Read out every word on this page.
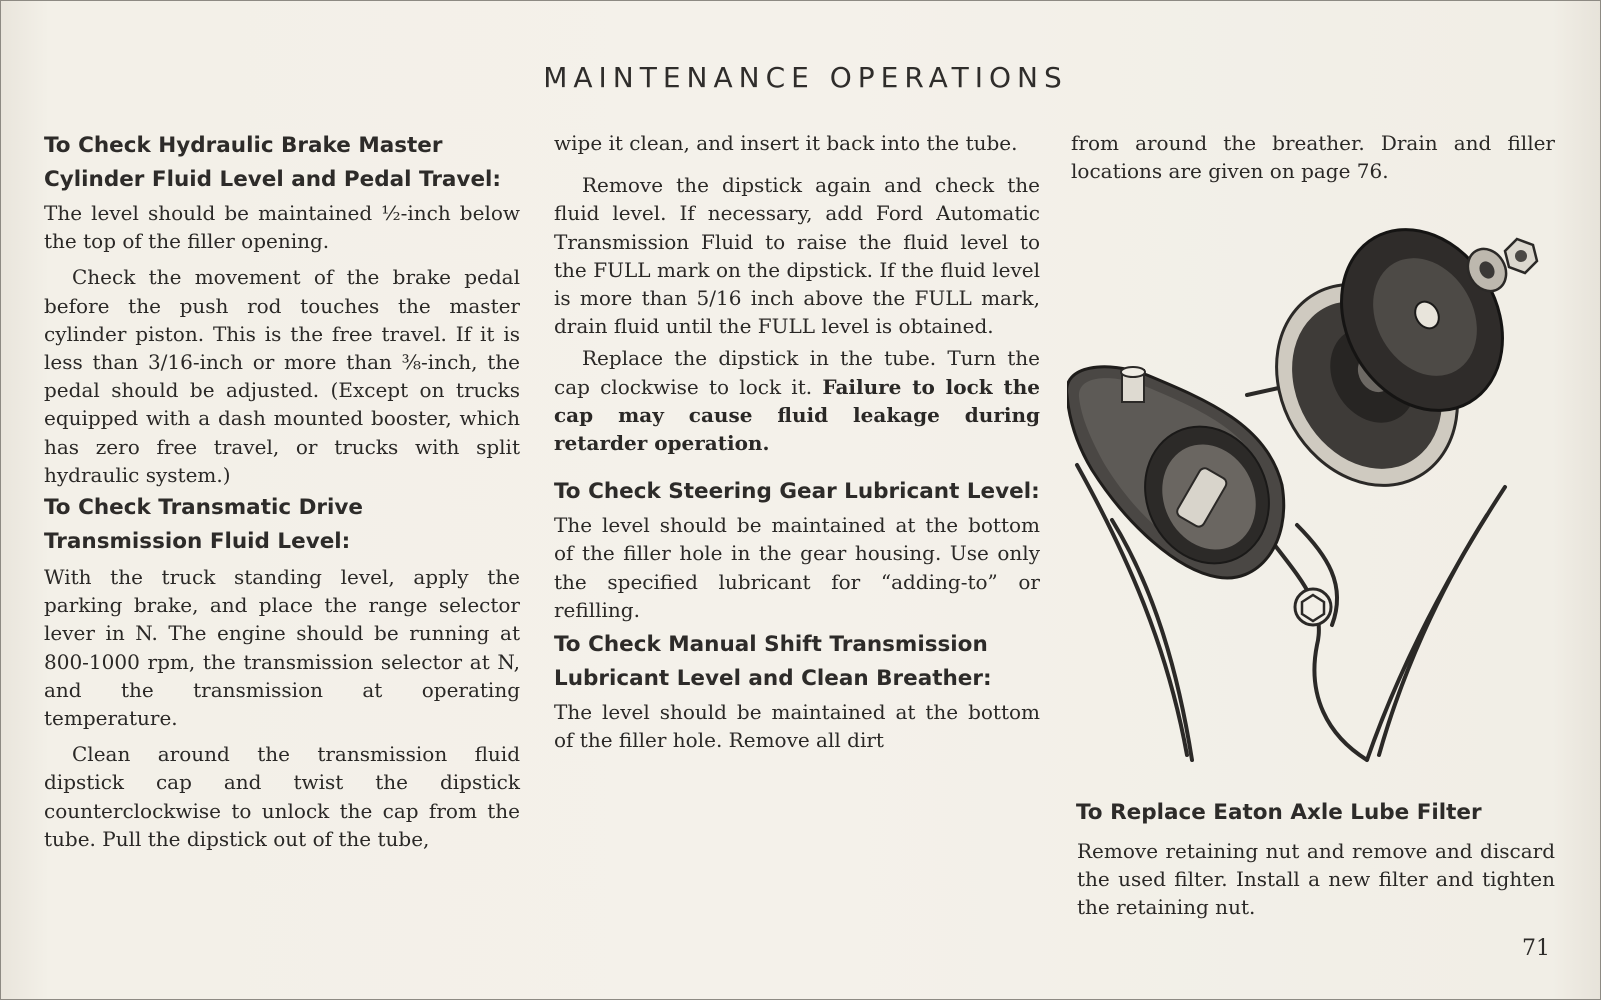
MAINTENANCE OPERATIONS

To Check Hydraulic Brake Master Cylinder Fluid Level and Pedal Travel:

The level should be maintained ½-inch below the top of the filler opening.

Check the movement of the brake pedal before the push rod touches the master cylinder piston. This is the free travel. If it is less than 3/16-inch or more than ⅜-inch, the pedal should be adjusted. (Except on trucks equipped with a dash mounted booster, which has zero free travel, or trucks with split hydraulic system.)

To Check Transmatic Drive Transmission Fluid Level:

With the truck standing level, apply the parking brake, and place the range selector lever in N. The engine should be running at 800-1000 rpm, the transmission selector at N, and the transmission at operating temperature.

Clean around the transmission fluid dipstick cap and twist the dipstick counterclockwise to unlock the cap from the tube. Pull the dipstick out of the tube,

wipe it clean, and insert it back into the tube.

Remove the dipstick again and check the fluid level. If necessary, add Ford Automatic Transmission Fluid to raise the fluid level to the FULL mark on the dipstick. If the fluid level is more than 5/16 inch above the FULL mark, drain fluid until the FULL level is obtained.

Replace the dipstick in the tube. Turn the cap clockwise to lock it. Failure to lock the cap may cause fluid leakage during retarder operation.

To Check Steering Gear Lubricant Level:

The level should be maintained at the bottom of the filler hole in the gear housing. Use only the specified lubricant for “adding-to” or refilling.

To Check Manual Shift Transmission Lubricant Level and Clean Breather:

The level should be maintained at the bottom of the filler hole. Remove all dirt

from around the breather. Drain and filler locations are given on page 76.

To Replace Eaton Axle Lube Filter

Remove retaining nut and remove and discard the used filter. Install a new filter and tighten the retaining nut.

71
